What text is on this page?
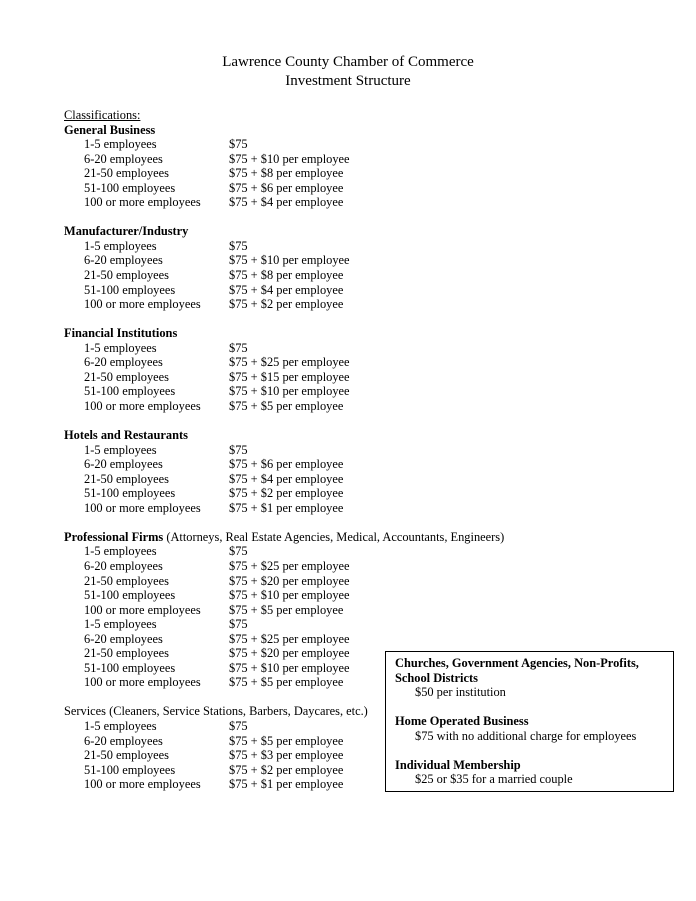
Lawrence County Chamber of Commerce
Investment Structure
Classifications:
General Business
1-5 employees	$75
6-20 employees	$75 + $10 per employee
21-50 employees	$75 + $8 per employee
51-100 employees	$75 + $6 per employee
100 or more employees $75 + $4 per employee
Manufacturer/Industry
1-5 employees	$75
6-20 employees	$75 + $10 per employee
21-50 employees	$75 + $8 per employee
51-100 employees	$75 + $4 per employee
100 or more employees $75 + $2 per employee
Financial Institutions
1-5 employees	$75
6-20 employees	$75 + $25 per employee
21-50 employees	$75 + $15 per employee
51-100 employees	$75 + $10 per employee
100 or more employees $75 + $5 per employee
Hotels and Restaurants
1-5 employees	$75
6-20 employees	$75 + $6 per employee
21-50 employees	$75 + $4 per employee
51-100 employees	$75 + $2 per employee
100 or more employees $75 + $1 per employee
Professional Firms (Attorneys, Real Estate Agencies, Medical, Accountants, Engineers)
1-5 employees	$75
6-20 employees	$75 + $25 per employee
21-50 employees	$75 + $20 per employee
51-100 employees	$75 + $10 per employee
100 or more employees $75 + $5 per employee
1-5 employees	$75
6-20 employees	$75 + $25 per employee
21-50 employees	$75 + $20 per employee
51-100 employees	$75 + $10 per employee
100 or more employees $75 + $5 per employee
Services (Cleaners, Service Stations, Barbers, Daycares, etc.)
1-5 employees	$75
6-20 employees	$75 + $5 per employee
21-50 employees	$75 + $3 per employee
51-100 employees	$75 + $2 per employee
100 or more employees $75 + $1 per employee
Churches, Government Agencies, Non-Profits,
School Districts
$50 per institution
Home Operated Business
$75 with no additional charge for employees
Individual Membership
$25 or $35 for a married couple
